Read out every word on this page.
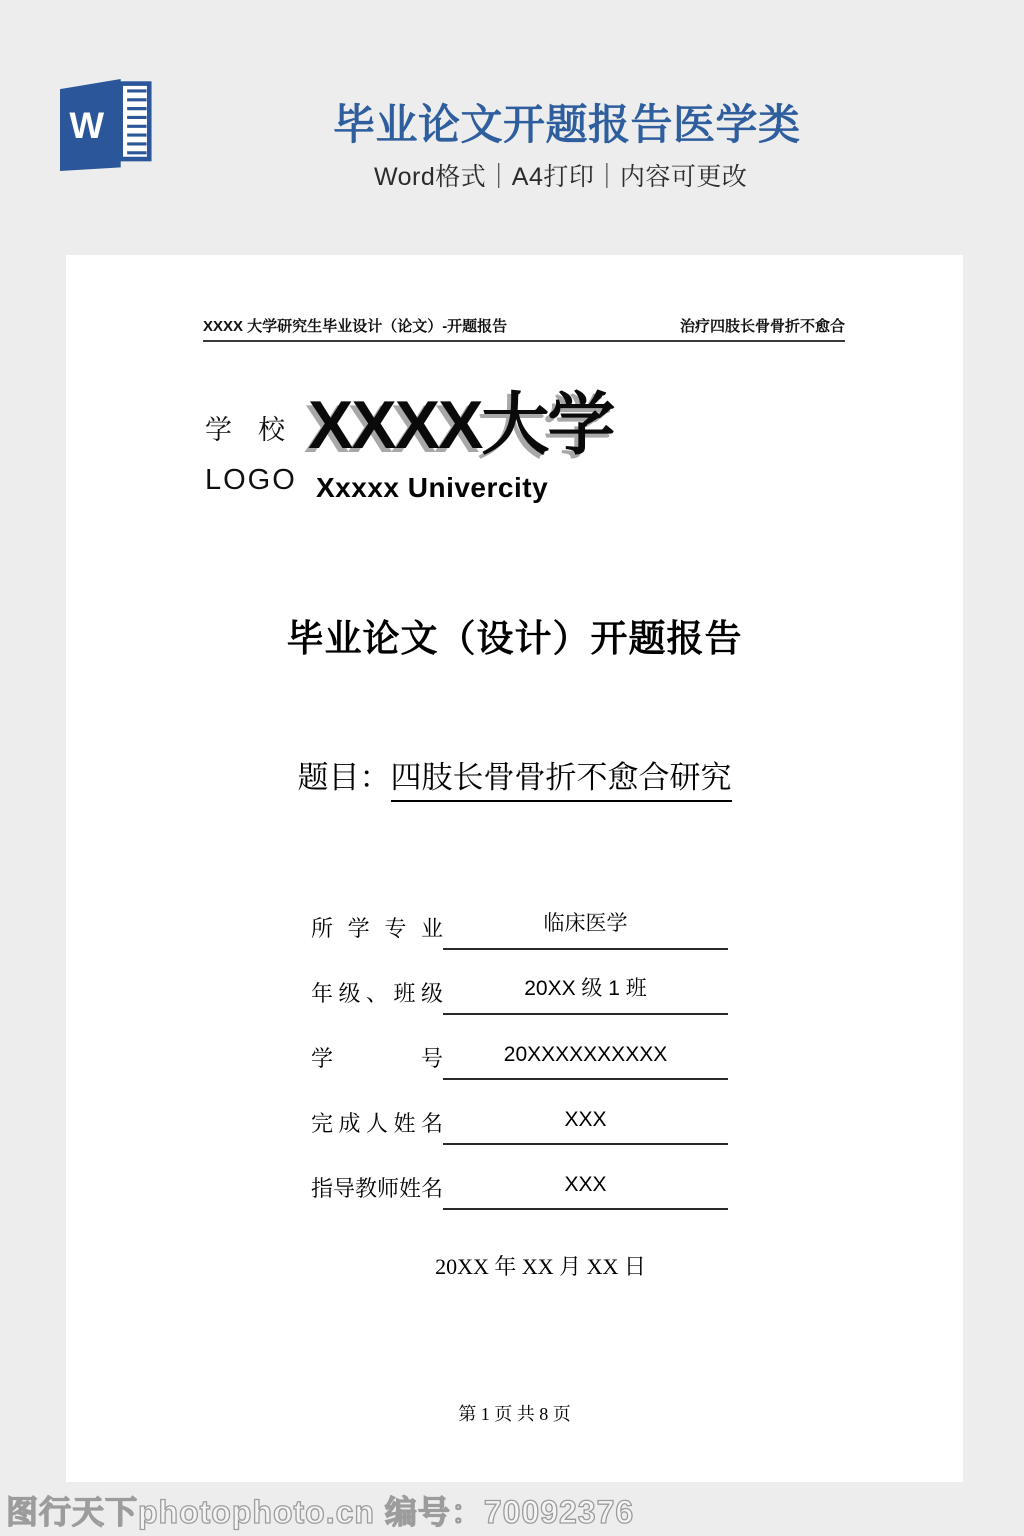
W	毕业论文开题报告医学类
Word格式｜A4打印｜内容可更改
XXXX 大学研究生毕业设计（论文）-开题报告	治疗四肢长骨骨折不愈合
学 校
LOGO
XXXX大学
Xxxxx Univercity
毕业论文（设计）开题报告
题目：四肢长骨骨折不愈合研究
所学专业	临床医学
年级、班级	20XX 级 1 班
学号	20XXXXXXXXXX
完成人姓名	XXX
指导教师姓名	XXX
20XX 年 XX 月 XX 日
第 1 页 共 8 页
图行天下photophoto.cn 编号：70092376
